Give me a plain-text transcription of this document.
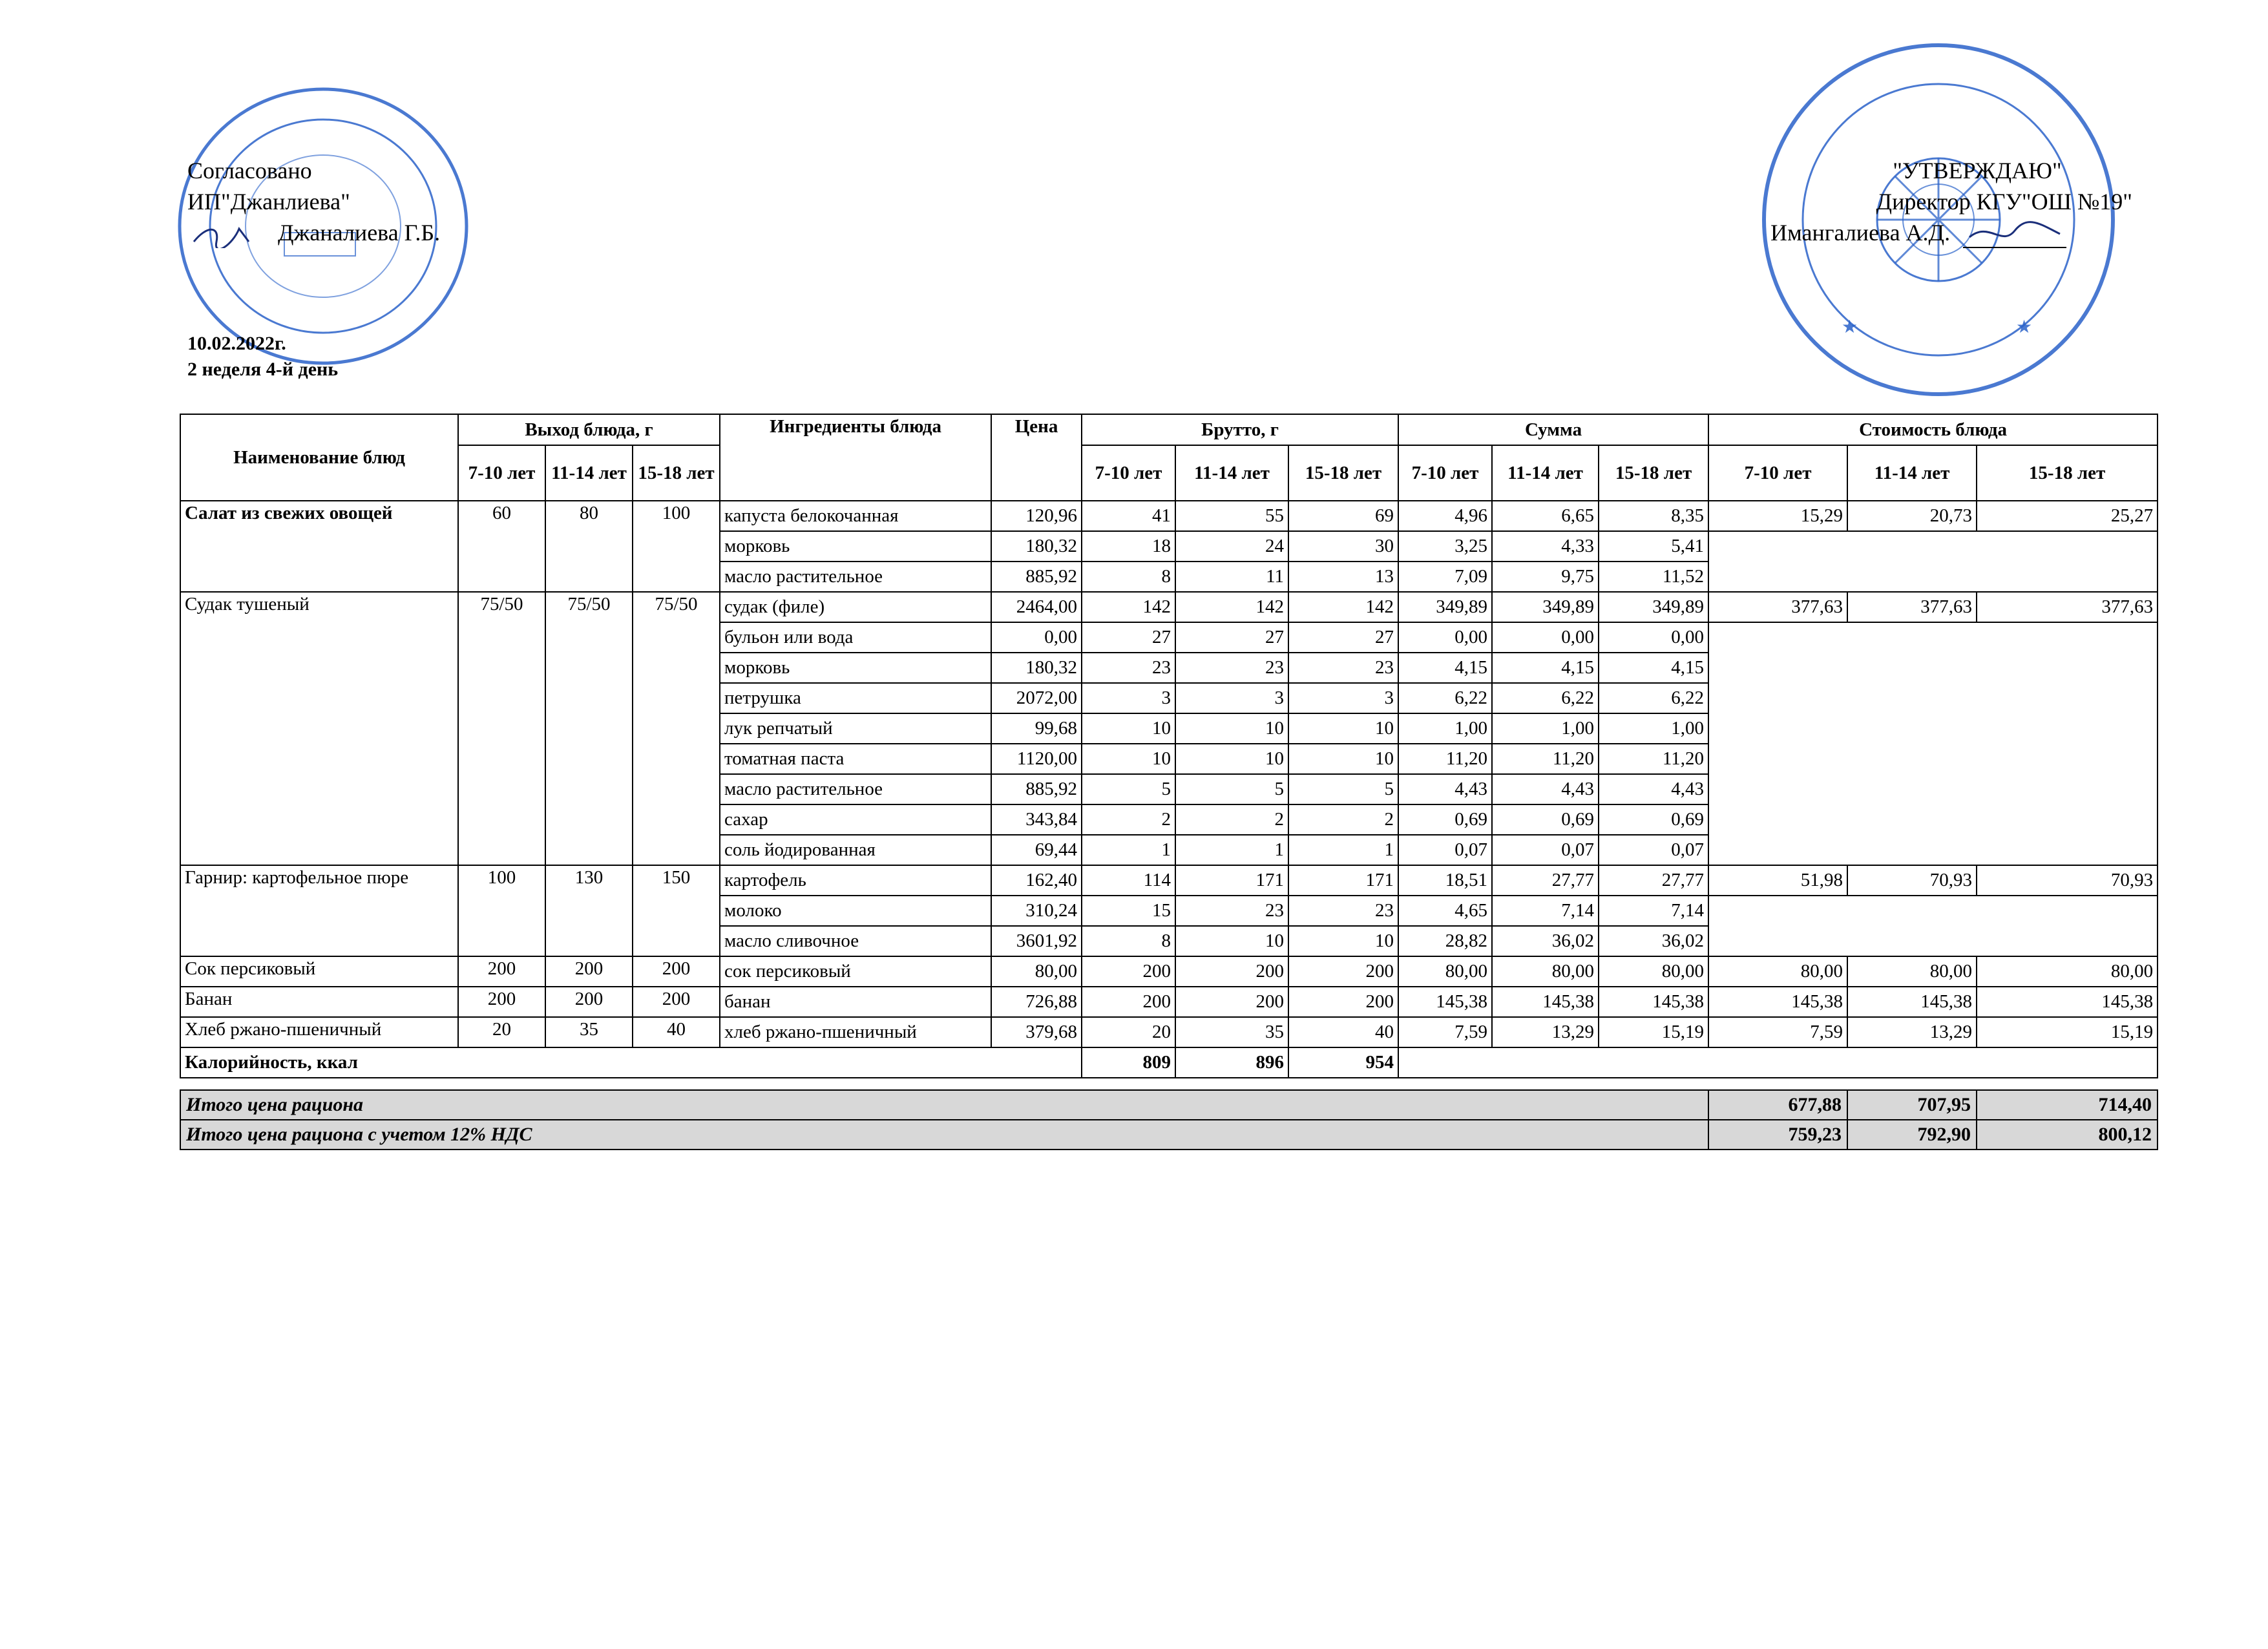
★	★
Согласовано
ИП"Джанлиева"
Джаналиева Г.Б.
"УТВЕРЖДАЮ"
Директор КГУ"ОШ №19"
Имангалиева А.Д.
10.02.2022г.
2 неделя 4-й день
Наименование блюд	Выход блюда, г			Ингредиенты блюда	Цена	Брутто, г			Сумма			Стоимость блюда		
	7-10 лет	11-14 лет	15-18 лет			7-10 лет	11-14 лет	15-18 лет	7-10 лет	11-14 лет	15-18 лет	7-10 лет	11-14 лет	15-18 лет
Салат из свежих овощей	60	80	100	капуста белокочанная	120,96	41	55	69	4,96	6,65	8,35	15,29	20,73	25,27
				морковь	180,32	18	24	30	3,25	4,33	5,41			
				масло растительное	885,92	8	11	13	7,09	9,75	11,52			
Судак тушеный	75/50	75/50	75/50	судак (филе)	2464,00	142	142	142	349,89	349,89	349,89	377,63	377,63	377,63
				бульон или вода	0,00	27	27	27	0,00	0,00	0,00			
				морковь	180,32	23	23	23	4,15	4,15	4,15			
				петрушка	2072,00	3	3	3	6,22	6,22	6,22			
				лук репчатый	99,68	10	10	10	1,00	1,00	1,00			
				томатная паста	1120,00	10	10	10	11,20	11,20	11,20			
				масло растительное	885,92	5	5	5	4,43	4,43	4,43			
				сахар	343,84	2	2	2	0,69	0,69	0,69			
				соль йодированная	69,44	1	1	1	0,07	0,07	0,07			
Гарнир: картофельное пюре	100	130	150	картофель	162,40	114	171	171	18,51	27,77	27,77	51,98	70,93	70,93
				молоко	310,24	15	23	23	4,65	7,14	7,14			
				масло сливочное	3601,92	8	10	10	28,82	36,02	36,02			
Сок персиковый	200	200	200	сок персиковый	80,00	200	200	200	80,00	80,00	80,00	80,00	80,00	80,00
Банан	200	200	200	банан	726,88	200	200	200	145,38	145,38	145,38	145,38	145,38	145,38
Хлеб ржано-пшеничный	20	35	40	хлеб ржано-пшеничный	379,68	20	35	40	7,59	13,29	15,19	7,59	13,29	15,19
Калорийность, ккал						809	896	954						
Итого цена рациона	677,88	707,95	714,40
Итого цена рациона с учетом 12% НДС	759,23	792,90	800,12
